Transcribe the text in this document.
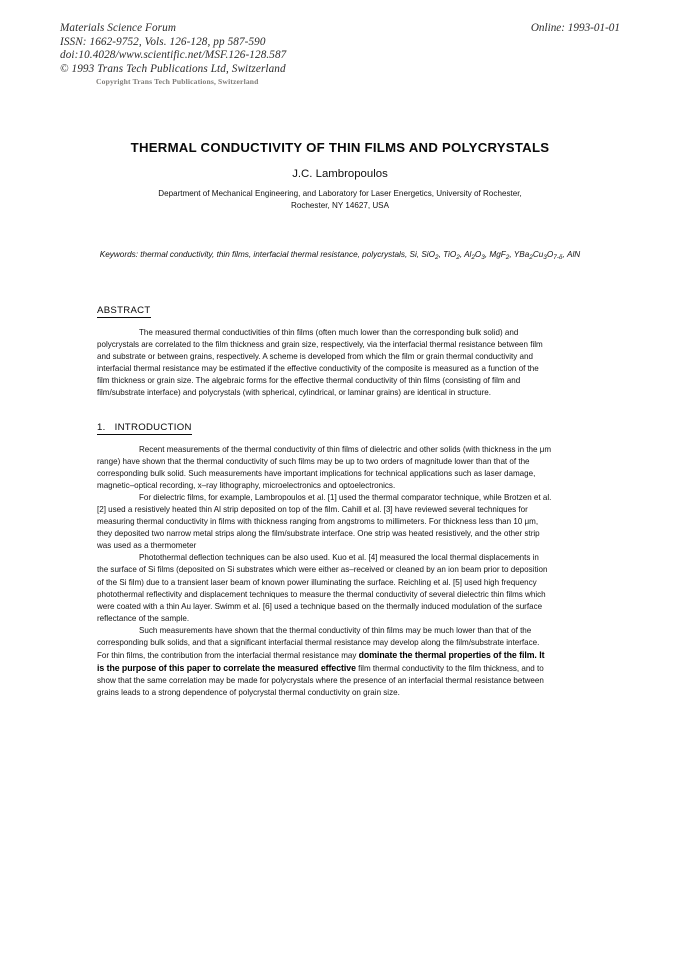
Materials Science Forum	Online: 1993-01-01
ISSN: 1662-9752, Vols. 126-128, pp 587-590
doi:10.4028/www.scientific.net/MSF.126-128.587
© 1993 Trans Tech Publications Ltd, Switzerland
Copyright Trans Tech Publications, Switzerland
THERMAL CONDUCTIVITY OF THIN FILMS AND POLYCRYSTALS
J.C. Lambropoulos
Department of Mechanical Engineering, and Laboratory for Laser Energetics, University of Rochester,
Rochester, NY 14627, USA
Keywords: thermal conductivity, thin films, interfacial thermal resistance, polycrystals, Si, SiO$_2$, TiO$_2$, $Al_2O_3$, MgF$_2$, $YBa_2Cu_3O_{7-\delta}$, AlN
ABSTRACT

The measured thermal conductivities of thin films (often much lower than the corresponding bulk solid) and polycrystals are correlated to the film thickness and grain size, respectively, via the interfacial thermal resistance between film and substrate or between grains, respectively. A scheme is developed from which the film or grain thermal conductivity and interfacial thermal resistance may be estimated if the effective conductivity of the composite is measured as a function of the film thickness or grain size. The algebraic forms for the effective thermal conductivity of thin films (consisting of film and film/substrate interface) and polycrystals (with spherical, cylindrical, or laminar grains) are identical in structure.

1. INTRODUCTION

Recent measurements of the thermal conductivity of thin films of dielectric and other solids (with thickness in the μm range) have shown that the thermal conductivity of such films may be up to two orders of magnitude lower than that of the corresponding bulk solid. Such measurements have important implications for technical applications such as laser damage, magnetic–optical recording, x–ray lithography, microelectronics and optoelectronics.

For dielectric films, for example, Lambropoulos et al. [1] used the thermal comparator technique, while Brotzen et al. [2] used a resistively heated thin Al strip deposited on top of the film. Cahill et al. [3] have reviewed several techniques for measuring thermal conductivity in films with thickness ranging from angstroms to millimeters. For thickness less than 10 μm, they deposited two narrow metal strips along the film/substrate interface. One strip was heated resistively, and the other strip was used as a thermometer

Photothermal deflection techniques can be also used. Kuo et al. [4] measured the local thermal displacements in the surface of Si films (deposited on Si substrates which were either as–received or cleaned by an ion beam prior to deposition of the Si film) due to a transient laser beam of known power illuminating the surface. Reichling et al. [5] used high frequency photothermal reflectivity and displacement techniques to measure the thermal conductivity of several dielectric thin films which were coated with a thin Au layer. Swimm et al. [6] used a technique based on the thermally induced modulation of the surface reflectance of the sample.

Such measurements have shown that the thermal conductivity of thin films may be much lower than that of the corresponding bulk solids, and that a significant interfacial thermal resistance may develop along the film/substrate interface. For thin films, the contribution from the interfacial thermal resistance may dominate the thermal properties of the film. It is the purpose of this paper to correlate the measured effective film thermal conductivity to the film thickness, and to show that the same correlation may be made for polycrystals where the presence of an interfacial thermal resistance between grains leads to a strong dependence of polycrystal thermal conductivity on grain size.
